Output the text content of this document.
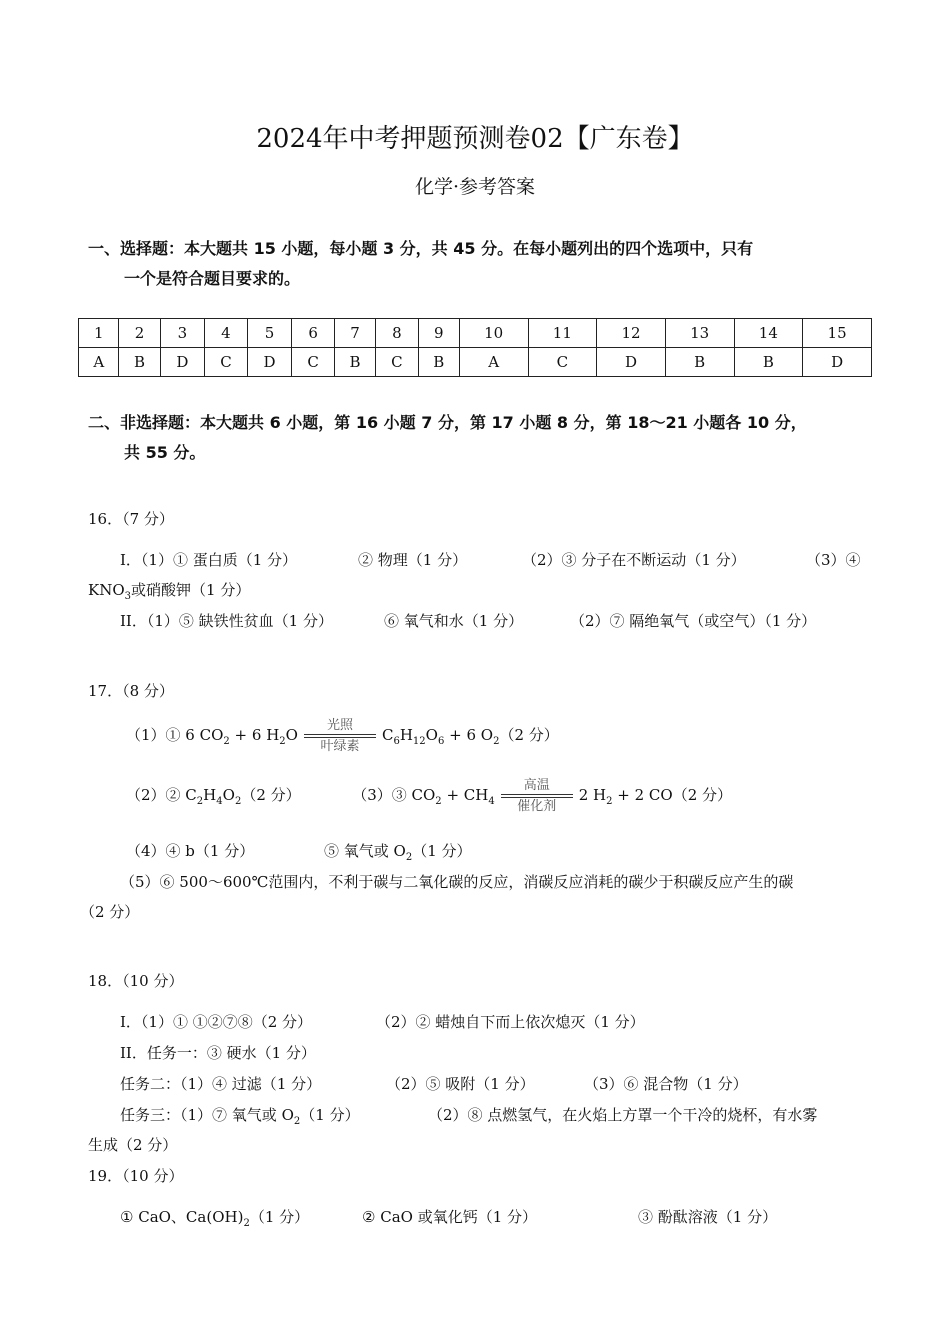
2024年中考押题预测卷02【广东卷】
化学·参考答案
一、选择题：本大题共 15 小题，每小题 3 分，共 45 分。在每小题列出的四个选项中，只有
一个是符合题目要求的。
1	2	3	4	5	6	7	8	9	10	11	12	13	14	15
A	B	D	C	D	C	B	C	B	A	C	D	B	B	D
二、非选择题：本大题共 6 小题，第 16 小题 7 分，第 17 小题 8 分，第 18～21 小题各 10 分，
共 55 分。
16．（7 分）
I．（1）① 蛋白质（1 分）	② 物理（1 分）	（2）③ 分子在不断运动（1 分）	（3）④
$KNO_3$或硝酸钾（1 分）
II．（1）⑤ 缺铁性贫血（1 分）	⑥ 氧气和水（1 分）	（2）⑦ 隔绝氧气（或空气）（1 分）
17．（8 分）
（1）① 6 $CO_2 + 6$ $H_2O \frac{\text{光照}}{\text{叶绿素}} C_6H_{12}O_6 + 6$ $O_2(2$ 分）
（2）② $C_2H_4O_2(2$ 分）	（3）③ $CO_2 + CH_4 \frac{\text{高温}}{\text{催化剂}} 2$ $H_2 + 2$ CO（2 分）
（4）④ b（1 分）	⑤ 氧气或 $O_2(1$ 分）
（5）⑥ 500～600℃范围内，不利于碳与二氧化碳的反应，消碳反应消耗的碳少于积碳反应产生的碳
（2 分）
18．（10 分）
I．（1）① ①②⑦⑧（2 分）	（2）② 蜡烛自下而上依次熄灭（1 分）
II．任务一：③ 硬水（1 分）
任务二：（1）④ 过滤（1 分）	（2）⑤ 吸附（1 分）	（3）⑥ 混合物（1 分）
任务三：（1）⑦ 氧气或 $O_2(1$ 分）	（2）⑧ 点燃氢气，在火焰上方罩一个干冷的烧杯，有水雾
生成（2 分）
19．（10 分）
① CaO、$Ca(OH)_2(1$ 分）	② CaO 或氧化钙（1 分）	③ 酚酞溶液（1 分）
